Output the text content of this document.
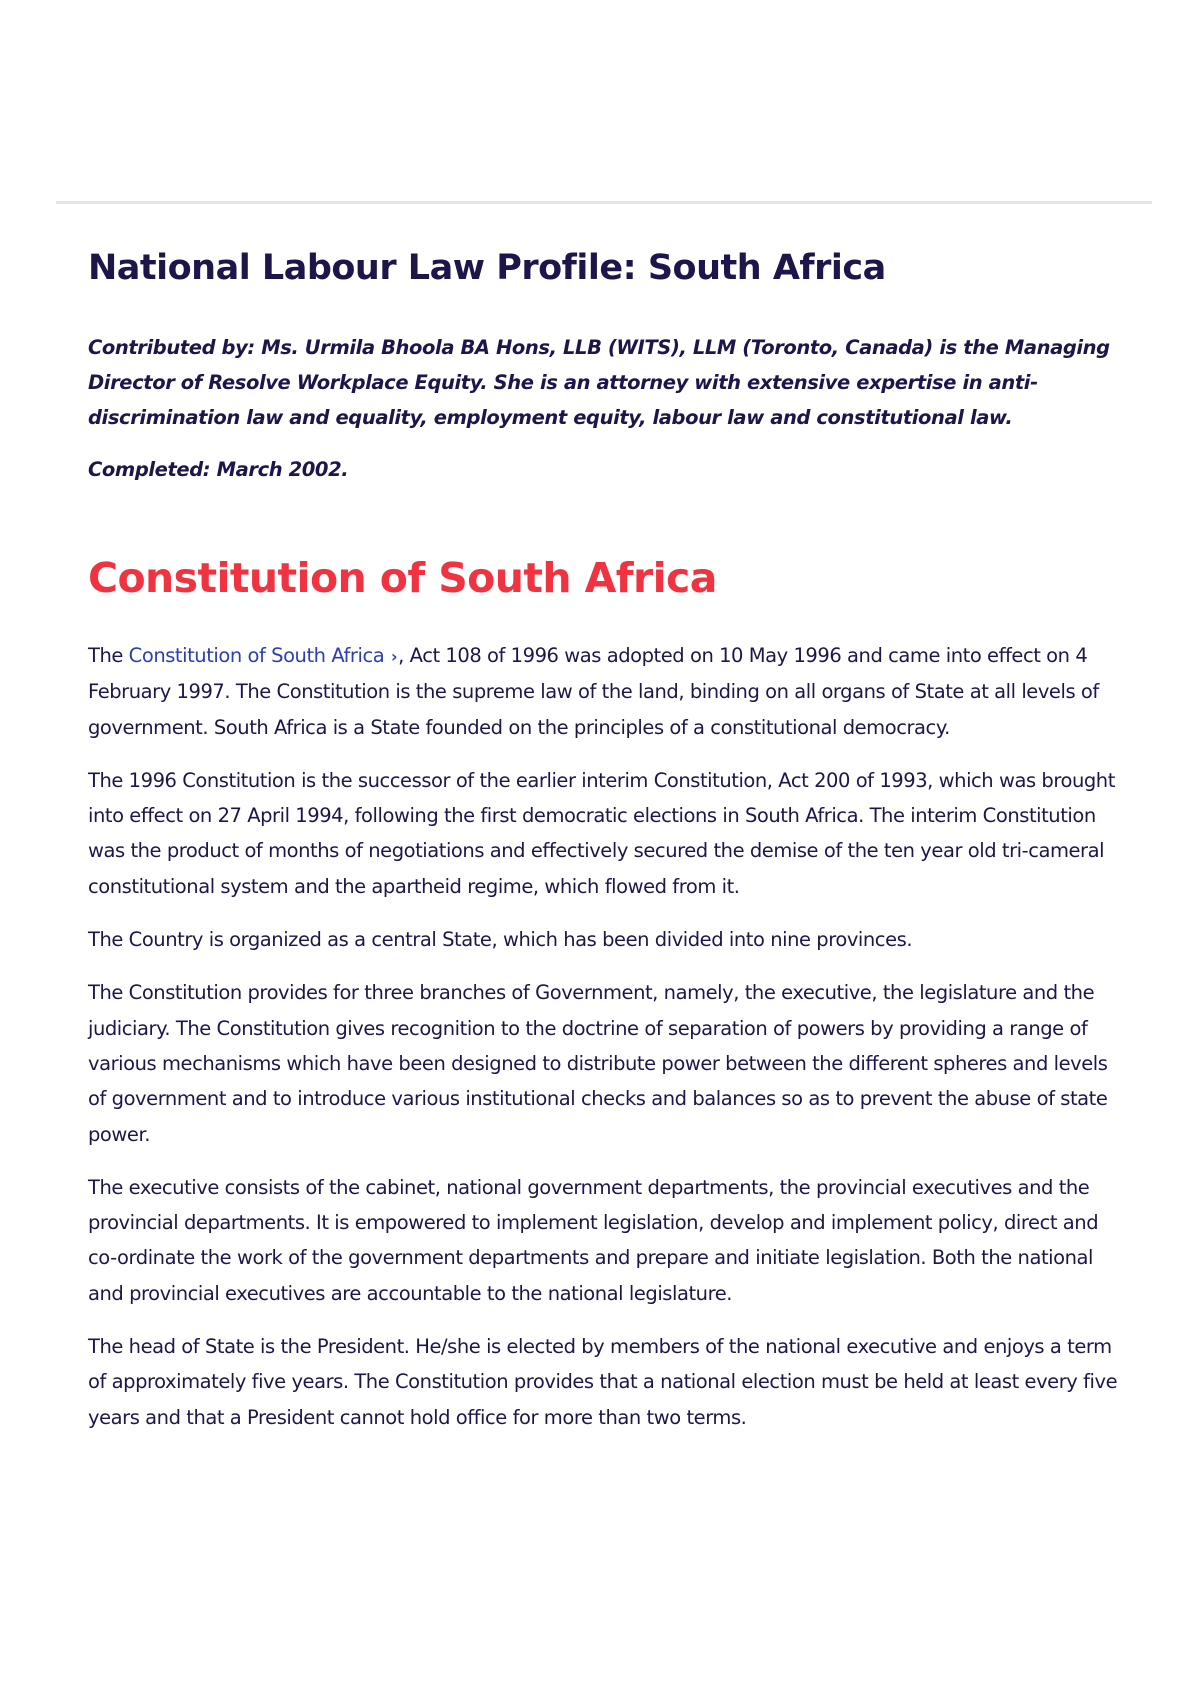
National Labour Law Profile: South Africa

Contributed by: Ms. Urmila Bhoola BA Hons, LLB (WITS), LLM (Toronto, Canada) is the Managing Director of Resolve Workplace Equity. She is an attorney with extensive expertise in anti-discrimination law and equality, employment equity, labour law and constitutional law.

Completed: March 2002.

Constitution of South Africa

The Constitution of South Africa ›, Act 108 of 1996 was adopted on 10 May 1996 and came into effect on 4 February 1997. The Constitution is the supreme law of the land, binding on all organs of State at all levels of government. South Africa is a State founded on the principles of a constitutional democracy.

The 1996 Constitution is the successor of the earlier interim Constitution, Act 200 of 1993, which was brought into effect on 27 April 1994, following the first democratic elections in South Africa. The interim Constitution was the product of months of negotiations and effectively secured the demise of the ten year old tri-cameral constitutional system and the apartheid regime, which flowed from it.

The Country is organized as a central State, which has been divided into nine provinces.

The Constitution provides for three branches of Government, namely, the executive, the legislature and the judiciary. The Constitution gives recognition to the doctrine of separation of powers by providing a range of various mechanisms which have been designed to distribute power between the different spheres and levels of government and to introduce various institutional checks and balances so as to prevent the abuse of state power.

The executive consists of the cabinet, national government departments, the provincial executives and the provincial departments. It is empowered to implement legislation, develop and implement policy, direct and co-ordinate the work of the government departments and prepare and initiate legislation. Both the national and provincial executives are accountable to the national legislature.

The head of State is the President. He/she is elected by members of the national executive and enjoys a term of approximately five years. The Constitution provides that a national election must be held at least every five years and that a President cannot hold office for more than two terms.
